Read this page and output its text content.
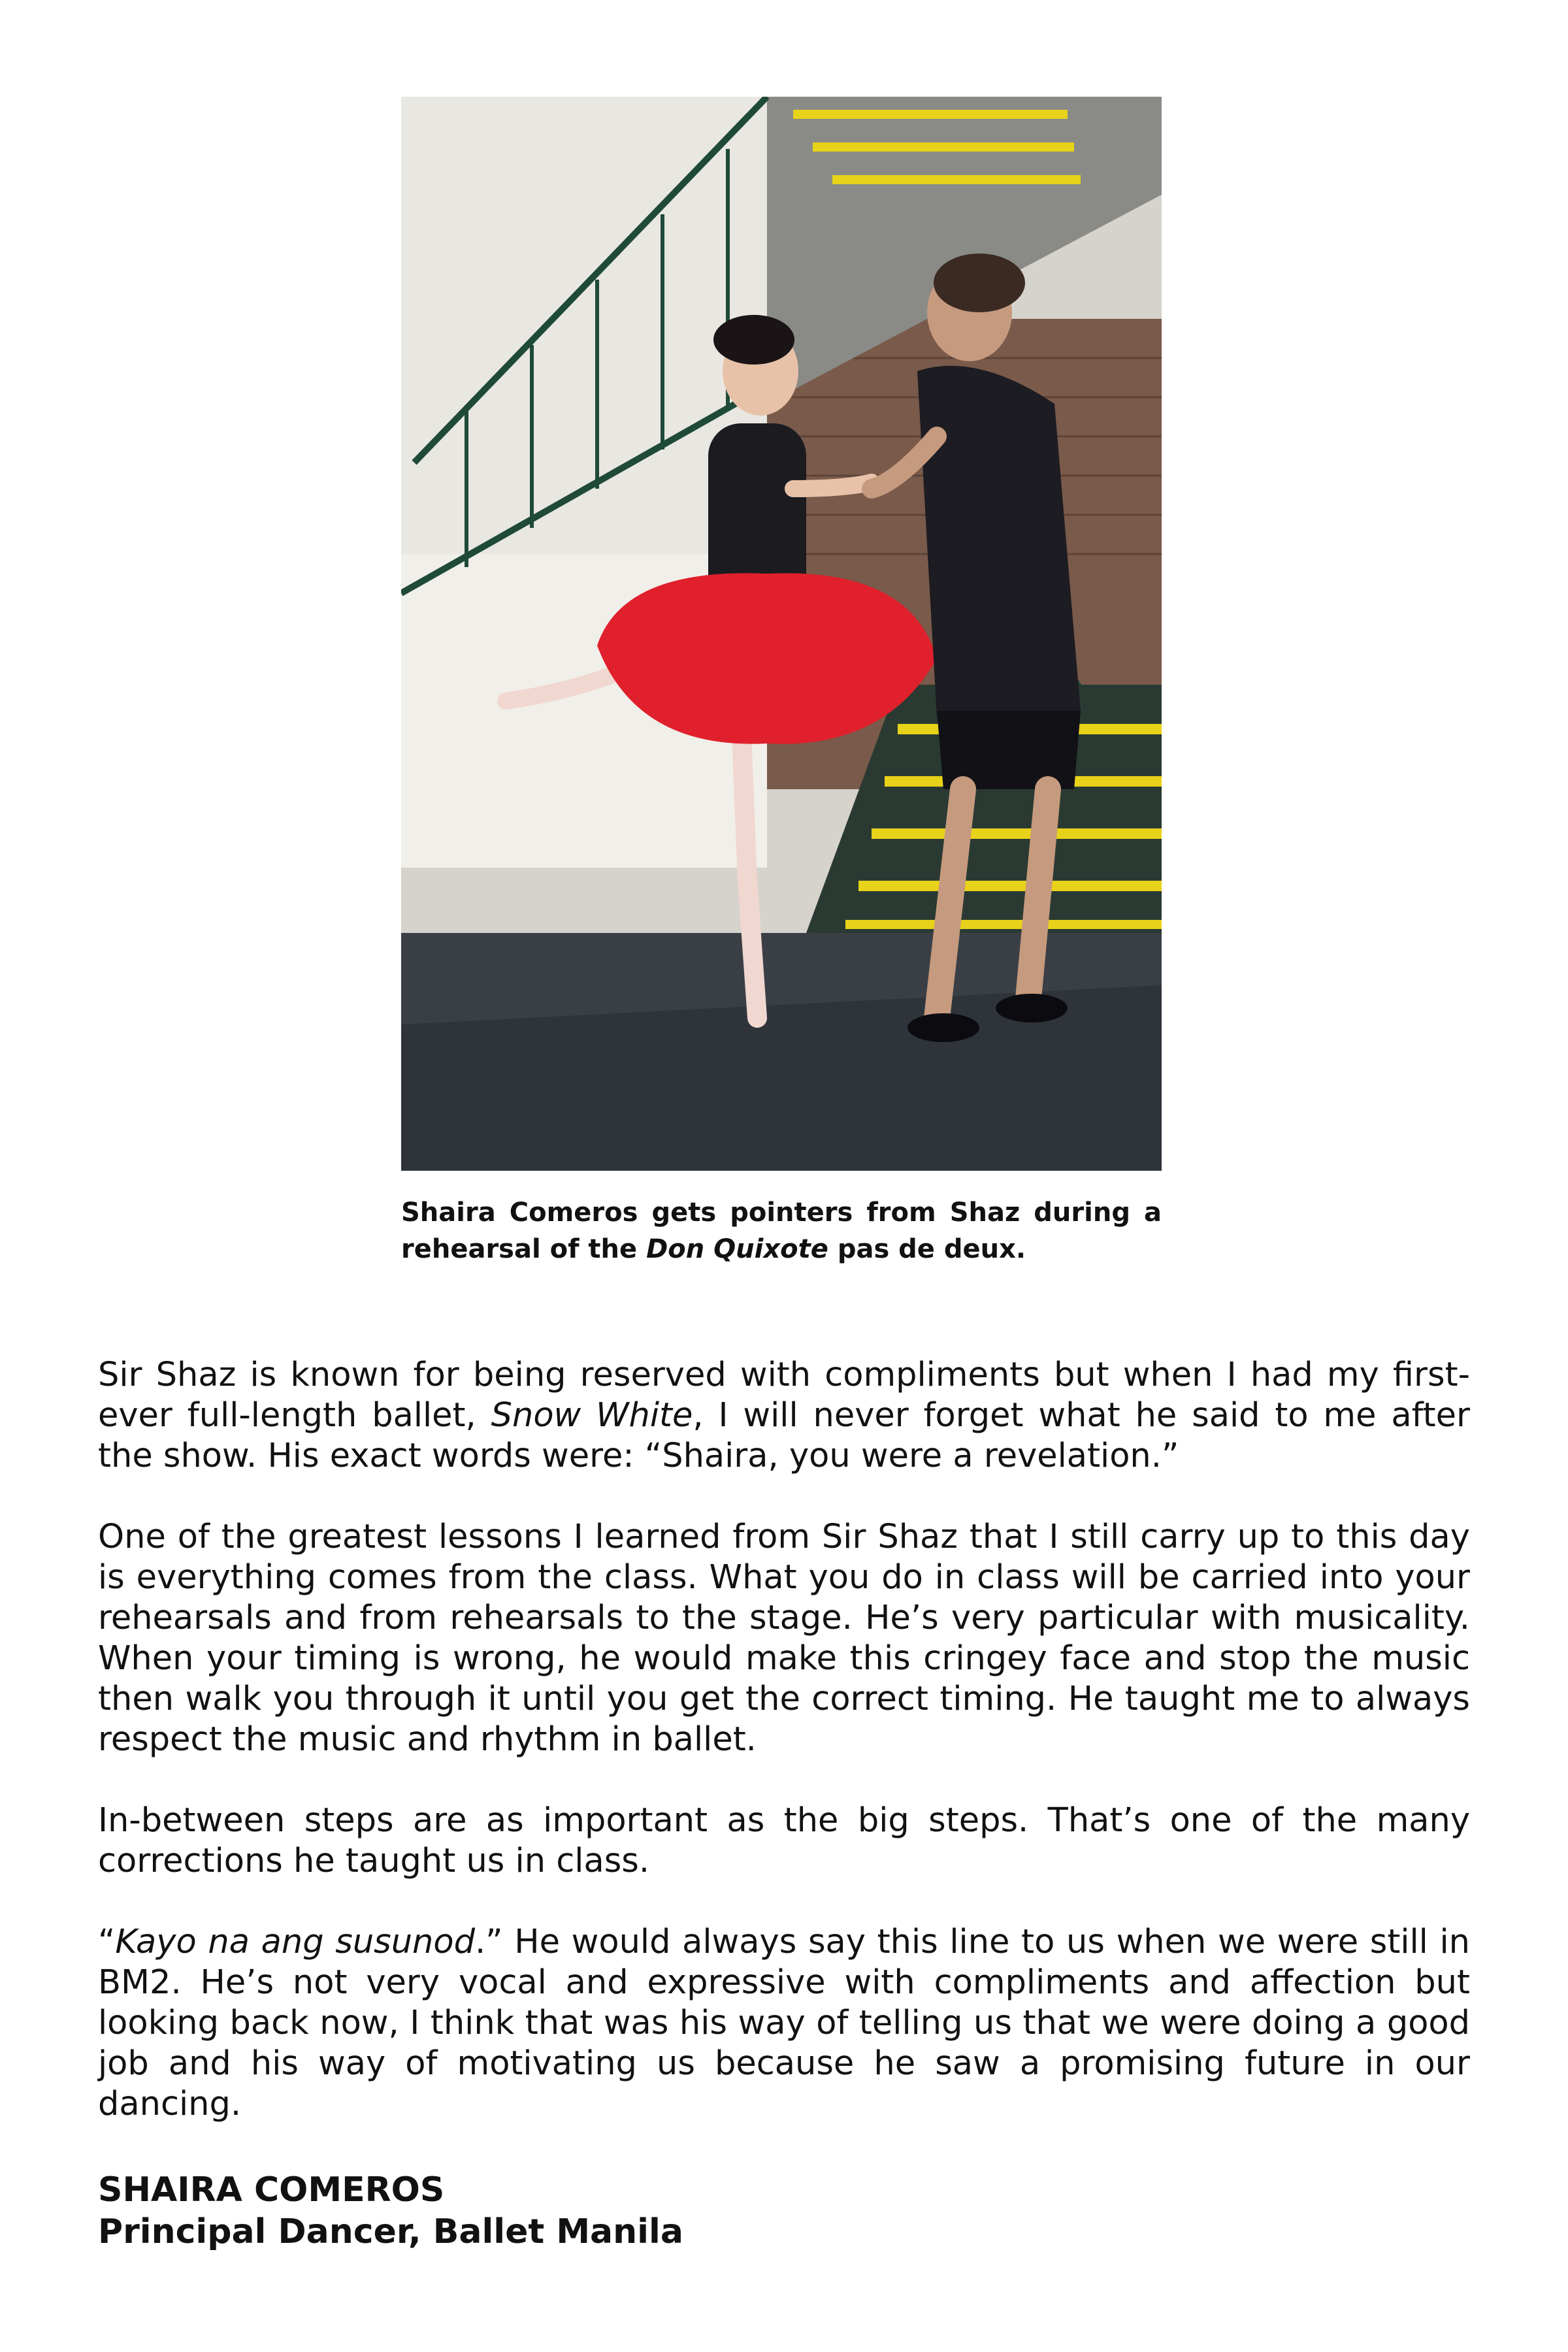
Shaira Comeros gets pointers from Shaz during a rehearsal of the Don Quixote pas de deux.

Sir Shaz is known for being reserved with compliments but when I had my first-ever full-length ballet, Snow White, I will never forget what he said to me after the show. His exact words were: “Shaira, you were a revelation.”

One of the greatest lessons I learned from Sir Shaz that I still carry up to this day is everything comes from the class. What you do in class will be carried into your rehearsals and from rehearsals to the stage. He’s very particular with musicality. When your timing is wrong, he would make this cringey face and stop the music then walk you through it until you get the correct timing. He taught me to always respect the music and rhythm in ballet.

In-between steps are as important as the big steps. That’s one of the many corrections he taught us in class.

“Kayo na ang susunod.” He would always say this line to us when we were still in BM2. He’s not very vocal and expressive with compliments and affection but looking back now, I think that was his way of telling us that we were doing a good job and his way of motivating us because he saw a promising future in our dancing.

SHAIRA COMEROS
Principal Dancer, Ballet Manila
